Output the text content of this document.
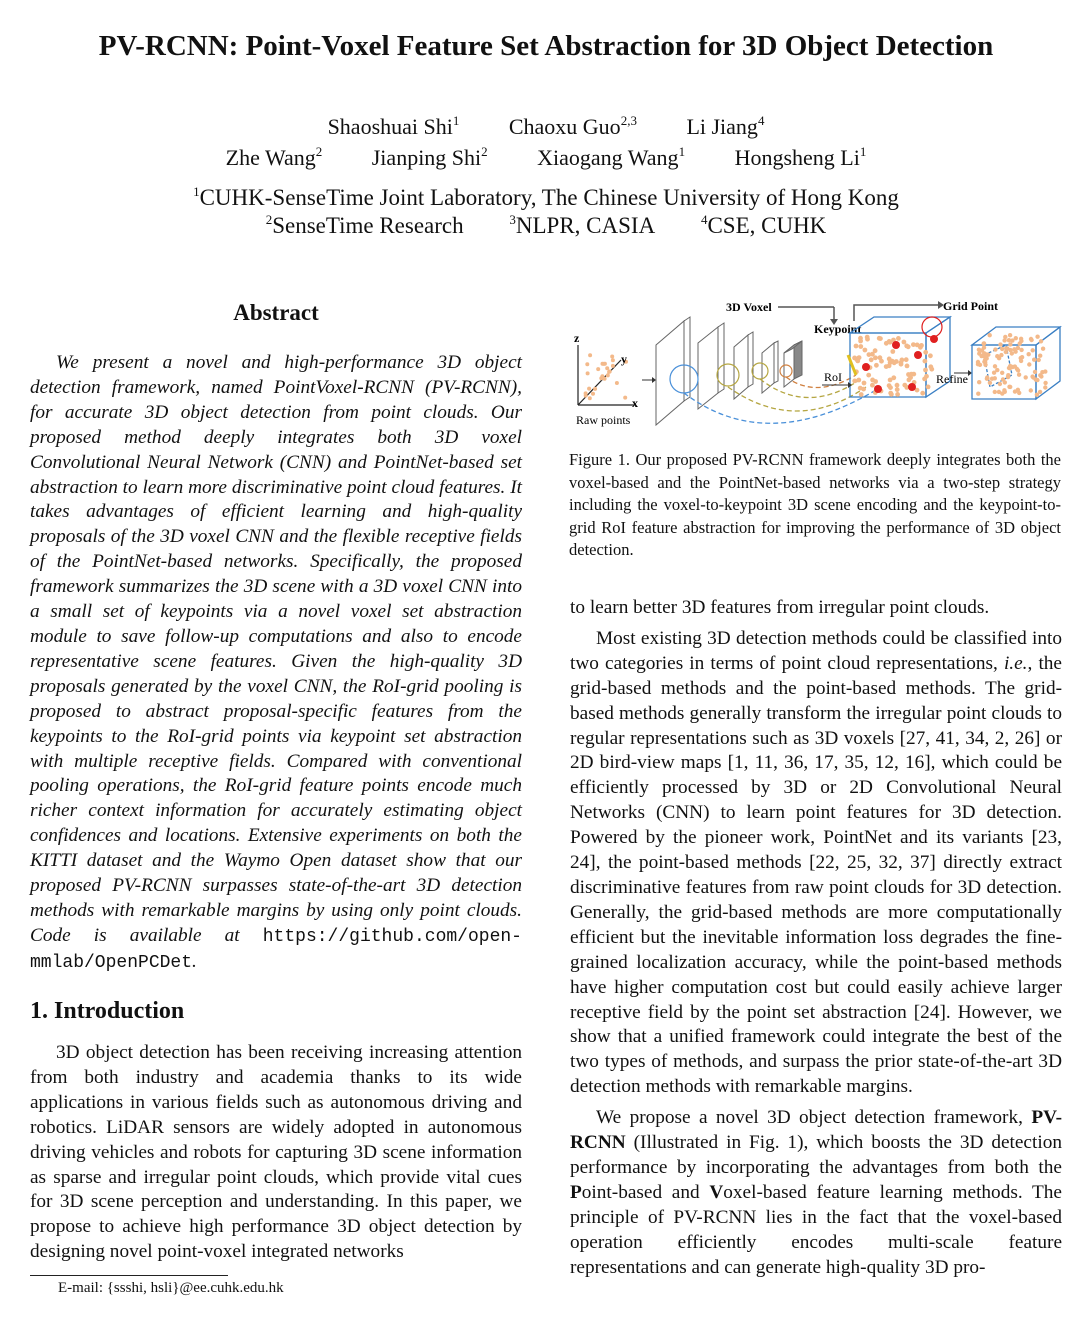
PV-RCNN: Point-Voxel Feature Set Abstraction for 3D Object Detection
Shaoshuai Shi$^1$ Chaoxu Guo$^{2,3}$ Li Jiang$^4$
Zhe Wang$^2$ Jianping Shi$^2$ Xiaogang Wang$^1$ Hongsheng Li$^1$
$^1$CUHK-SenseTime Joint Laboratory, The Chinese University of Hong Kong
$^2$SenseTime Research	$^3$NLPR, CASIA	$^4$CSE, CUHK
Abstract

We present a novel and high-performance 3D object detection framework, named PointVoxel-RCNN (PV-RCNN), for accurate 3D object detection from point clouds. Our proposed method deeply integrates both 3D voxel Convolutional Neural Network (CNN) and PointNet-based set abstraction to learn more discriminative point cloud features. It takes advantages of efficient learning and high-quality proposals of the 3D voxel CNN and the flexible receptive fields of the PointNet-based networks. Specifically, the proposed framework summarizes the 3D scene with a 3D voxel CNN into a small set of keypoints via a novel voxel set abstraction module to save follow-up computations and also to encode representative scene features. Given the high-quality 3D proposals generated by the voxel CNN, the RoI-grid pooling is proposed to abstract proposal-specific features from the keypoints to the RoI-grid points via keypoint set abstraction with multiple receptive fields. Compared with conventional pooling operations, the RoI-grid feature points encode much richer context information for accurately estimating object confidences and locations. Extensive experiments on both the KITTI dataset and the Waymo Open dataset show that our proposed PV-RCNN surpasses state-of-the-art 3D detection methods with remarkable margins by using only point clouds. Code is available at https://github.com/open-mmlab/OpenPCDet.

1. Introduction

3D object detection has been receiving increasing attention from both industry and academia thanks to its wide applications in various fields such as autonomous driving and robotics. LiDAR sensors are widely adopted in autonomous driving vehicles and robots for capturing 3D scene information as sparse and irregular point clouds, which provide vital cues for 3D scene perception and understanding. In this paper, we propose to achieve high performance 3D object detection by designing novel point-voxel integrated networks

E-mail: {ssshi, hsli}@ee.cuhk.edu.hk
z
y
x
Raw points
3D Voxel
Keypoint
Grid Point
RoI	Refine
Figure 1. Our proposed PV-RCNN framework deeply integrates both the voxel-based and the PointNet-based networks via a two-step strategy including the voxel-to-keypoint 3D scene encoding and the keypoint-to-grid RoI feature abstraction for improving the performance of 3D object detection.

to learn better 3D features from irregular point clouds.

Most existing 3D detection methods could be classified into two categories in terms of point cloud representations, i.e., the grid-based methods and the point-based methods. The grid-based methods generally transform the irregular point clouds to regular representations such as 3D voxels [27, 41, 34, 2, 26] or 2D bird-view maps [1, 11, 36, 17, 35, 12, 16], which could be efficiently processed by 3D or 2D Convolutional Neural Networks (CNN) to learn point features for 3D detection. Powered by the pioneer work, PointNet and its variants [23, 24], the point-based methods [22, 25, 32, 37] directly extract discriminative features from raw point clouds for 3D detection. Generally, the grid-based methods are more computationally efficient but the inevitable information loss degrades the fine-grained localization accuracy, while the point-based methods have higher computation cost but could easily achieve larger receptive field by the point set abstraction [24]. However, we show that a unified framework could integrate the best of the two types of methods, and surpass the prior state-of-the-art 3D detection methods with remarkable margins.

We propose a novel 3D object detection framework, PV-RCNN (Illustrated in Fig. 1), which boosts the 3D detection performance by incorporating the advantages from both the Point-based and Voxel-based feature learning methods. The principle of PV-RCNN lies in the fact that the voxel-based operation efficiently encodes multi-scale feature representations and can generate high-quality 3D pro-
